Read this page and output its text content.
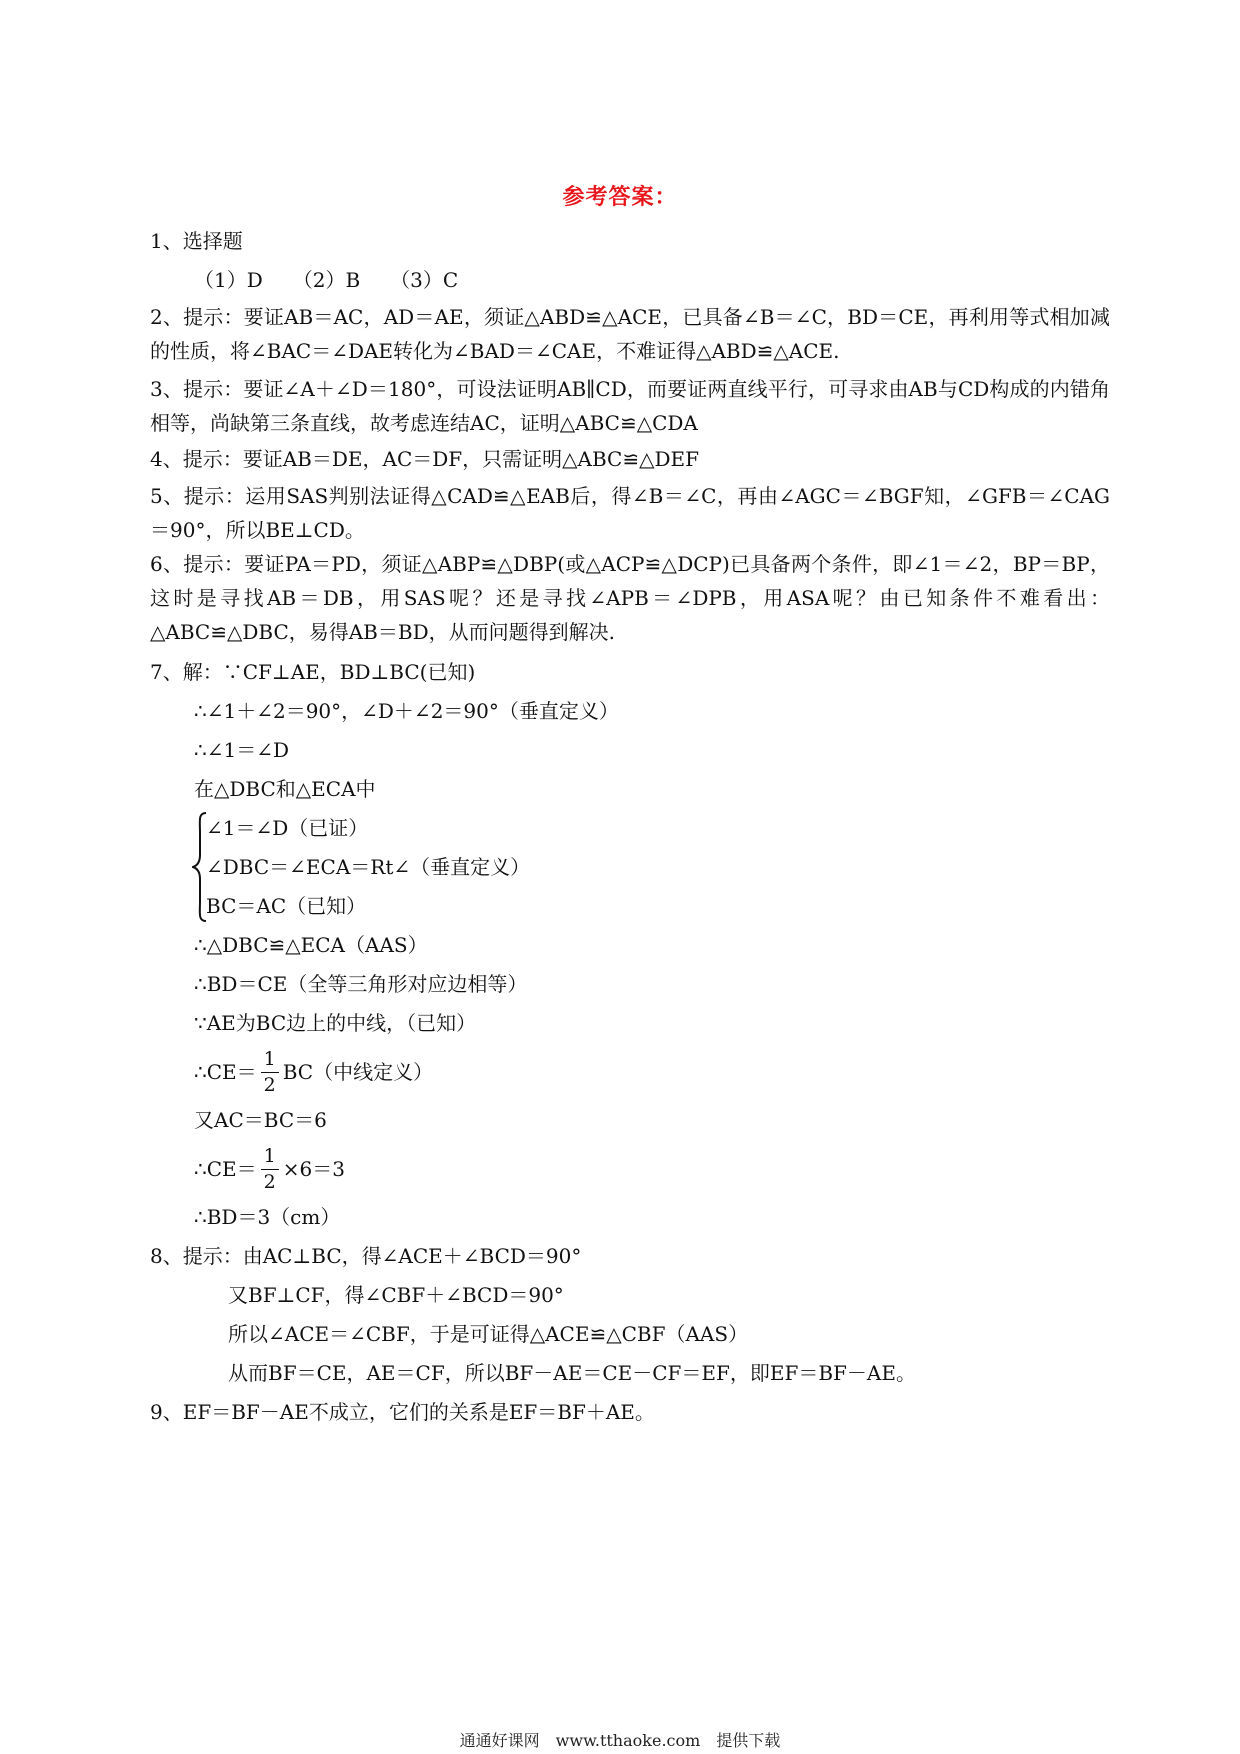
参考答案：
1、选择题
（1）D　　（2）B　　（3）C

2、提示：要证AB＝AC，AD＝AE，须证△ABD≌△ACE，已具备∠B＝∠C，BD＝CE，再利用等式相加减的性质，将∠BAC＝∠DAE转化为∠BAD＝∠CAE，不难证得△ABD≌△ACE.

3、提示：要证∠A＋∠D＝180°，可设法证明AB∥CD，而要证两直线平行，可寻求由AB与CD构成的内错角相等，尚缺第三条直线，故考虑连结AC，证明△ABC≌△CDA

4、提示：要证AB＝DE，AC＝DF，只需证明△ABC≌△DEF

5、提示：运用SAS判别法证得△CAD≌△EAB后，得∠B＝∠C，再由∠AGC＝∠BGF知，∠GFB＝∠CAG＝90°，所以BE⊥CD。

6、提示：要证PA＝PD，须证△ABP≌△DBP(或△ACP≌△DCP)已具备两个条件，即∠1＝∠2，BP＝BP，这时是寻找AB＝DB，用SAS呢？还是寻找∠APB＝∠DPB，用ASA呢？由已知条件不难看出：△ABC≌△DBC，易得AB＝BD，从而问题得到解决.

7、解：∵CF⊥AE，BD⊥BC(已知)
∴∠1＋∠2＝90°，∠D＋∠2＝90°（垂直定义）
∴∠1＝∠D
在△DBC和△ECA中
∠1＝∠D（已证）
∠DBC＝∠ECA＝Rt∠（垂直定义）
BC＝AC（已知）
∴△DBC≌△ECA（AAS）
∴BD＝CE（全等三角形对应边相等）
∵AE为BC边上的中线，（已知）
∴CE＝ $\frac{1}{2} BC$（中线定义）
又AC＝BC＝6
∴CE＝ $\frac{1}{2} \times 6=3$
∴BD＝3（cm）
8、提示：由AC⊥BC，得∠ACE＋∠BCD＝90°
又BF⊥CF，得∠CBF＋∠BCD＝90°
所以∠ACE＝∠CBF，于是可证得△ACE≌△CBF（AAS）
从而BF＝CE，AE＝CF，所以BF－AE＝CE－CF＝EF，即EF＝BF－AE。
9、EF＝BF－AE不成立，它们的关系是EF＝BF＋AE。
通通好课网　www.tthaoke.com　提供下载
